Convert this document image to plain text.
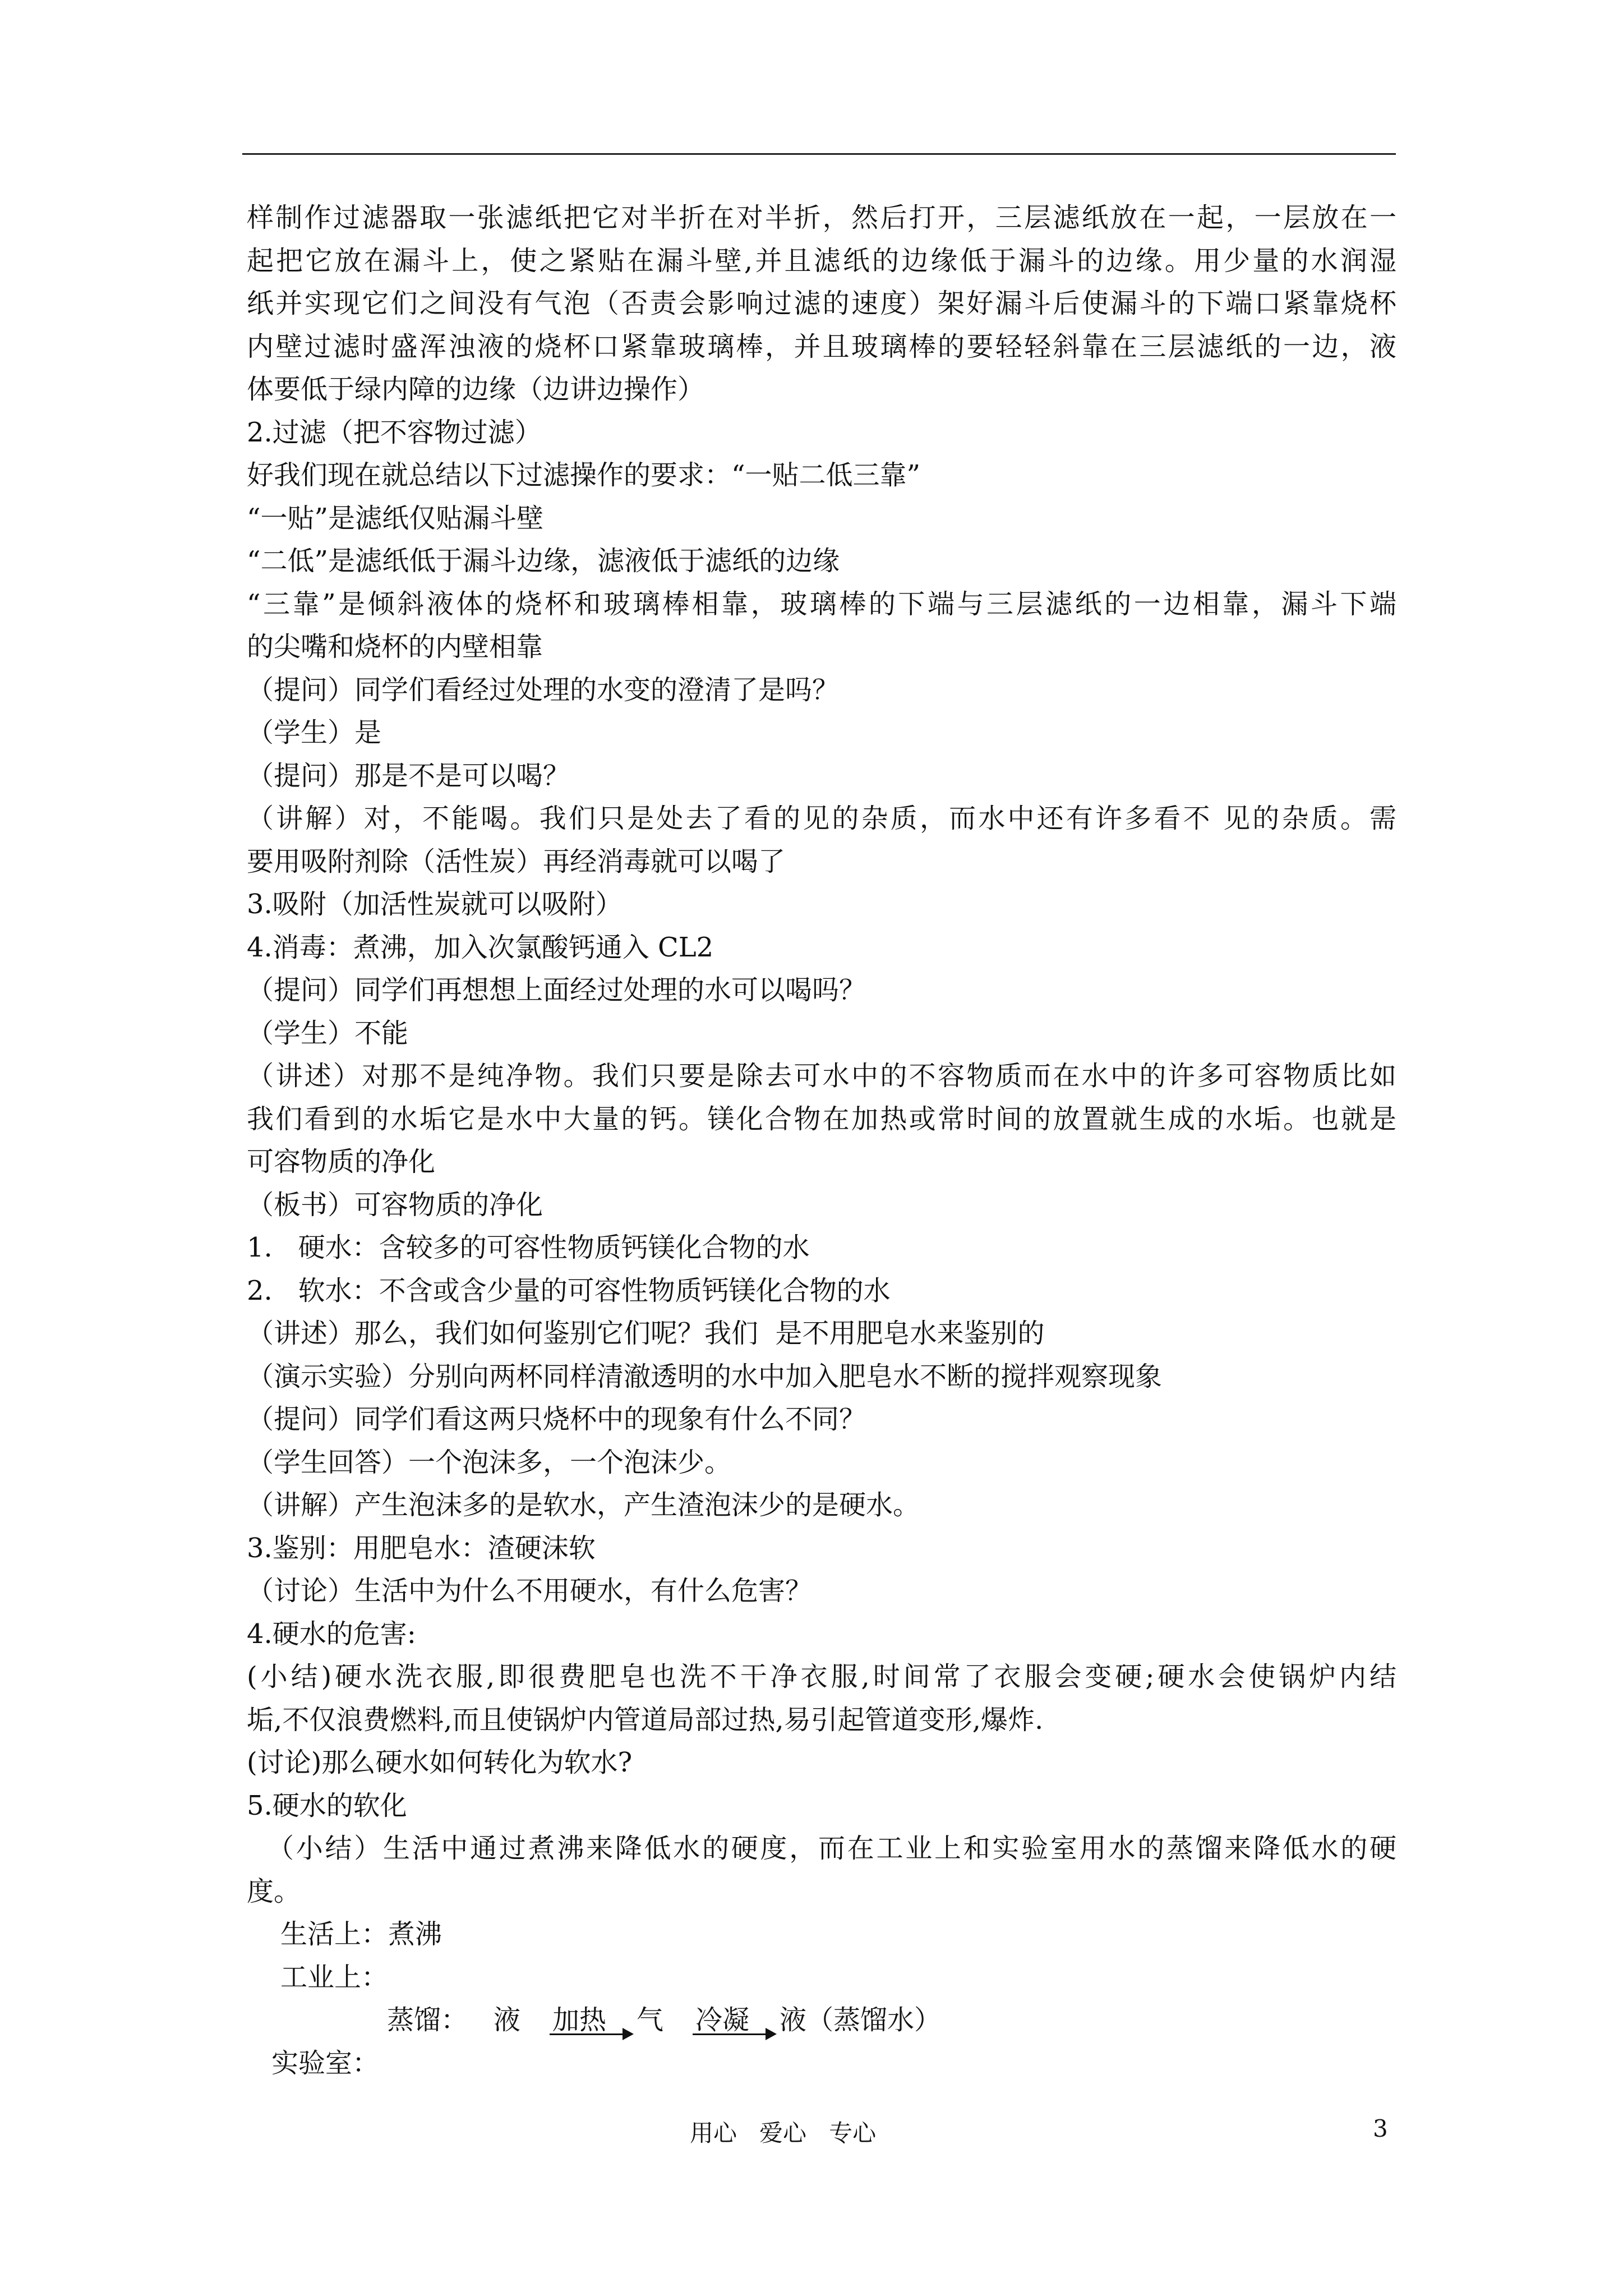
样制作过滤器取一张滤纸把它对半折在对半折，然后打开，三层滤纸放在一起，一层放在一
起把它放在漏斗上，使之紧贴在漏斗壁,并且滤纸的边缘低于漏斗的边缘。用少量的水润湿
纸并实现它们之间没有气泡（否责会影响过滤的速度）架好漏斗后使漏斗的下端口紧靠烧杯
内壁过滤时盛浑浊液的烧杯口紧靠玻璃棒，并且玻璃棒的要轻轻斜靠在三层滤纸的一边，液
体要低于绿内障的边缘（边讲边操作）
2.过滤（把不容物过滤）
好我们现在就总结以下过滤操作的要求：“一贴二低三靠”
“一贴”是滤纸仅贴漏斗壁
“二低”是滤纸低于漏斗边缘，滤液低于滤纸的边缘
“三靠”是倾斜液体的烧杯和玻璃棒相靠，玻璃棒的下端与三层滤纸的一边相靠，漏斗下端
的尖嘴和烧杯的内壁相靠
（提问）同学们看经过处理的水变的澄清了是吗？
（学生）是
（提问）那是不是可以喝？
（讲解）对，不能喝。我们只是处去了看的见的杂质，而水中还有许多看不 见的杂质。需
要用吸附剂除（活性炭）再经消毒就可以喝了
3.吸附（加活性炭就可以吸附）
4.消毒：煮沸，加入次氯酸钙通入 CL2
（提问）同学们再想想上面经过处理的水可以喝吗？
（学生）不能
（讲述）对那不是纯净物。我们只要是除去可水中的不容物质而在水中的许多可容物质比如
我们看到的水垢它是水中大量的钙。镁化合物在加热或常时间的放置就生成的水垢。也就是
可容物质的净化
（板书）可容物质的净化
1.   硬水：含较多的可容性物质钙镁化合物的水
2.   软水：不含或含少量的可容性物质钙镁化合物的水
（讲述）那么，我们如何鉴别它们呢？我们  是不用肥皂水来鉴别的
（演示实验）分别向两杯同样清澈透明的水中加入肥皂水不断的搅拌观察现象
（提问）同学们看这两只烧杯中的现象有什么不同？
（学生回答）一个泡沫多，一个泡沫少。
（讲解）产生泡沫多的是软水，产生渣泡沫少的是硬水。
3.鉴别：用肥皂水：渣硬沫软
（讨论）生活中为什么不用硬水，有什么危害？
4.硬水的危害:
(小结)硬水洗衣服,即很费肥皂也洗不干净衣服,时间常了衣服会变硬;硬水会使锅炉内结
垢,不仅浪费燃料,而且使锅炉内管道局部过热,易引起管道变形,爆炸.
(讨论)那么硬水如何转化为软水?
5.硬水的软化
（小结）生活中通过煮沸来降低水的硬度，而在工业上和实验室用水的蒸馏来降低水的硬
度。
生活上：煮沸
工业上：
蒸馏： 液 加热 气 冷凝 液（蒸馏水）
实验室：
用心   爱心   专心	3
